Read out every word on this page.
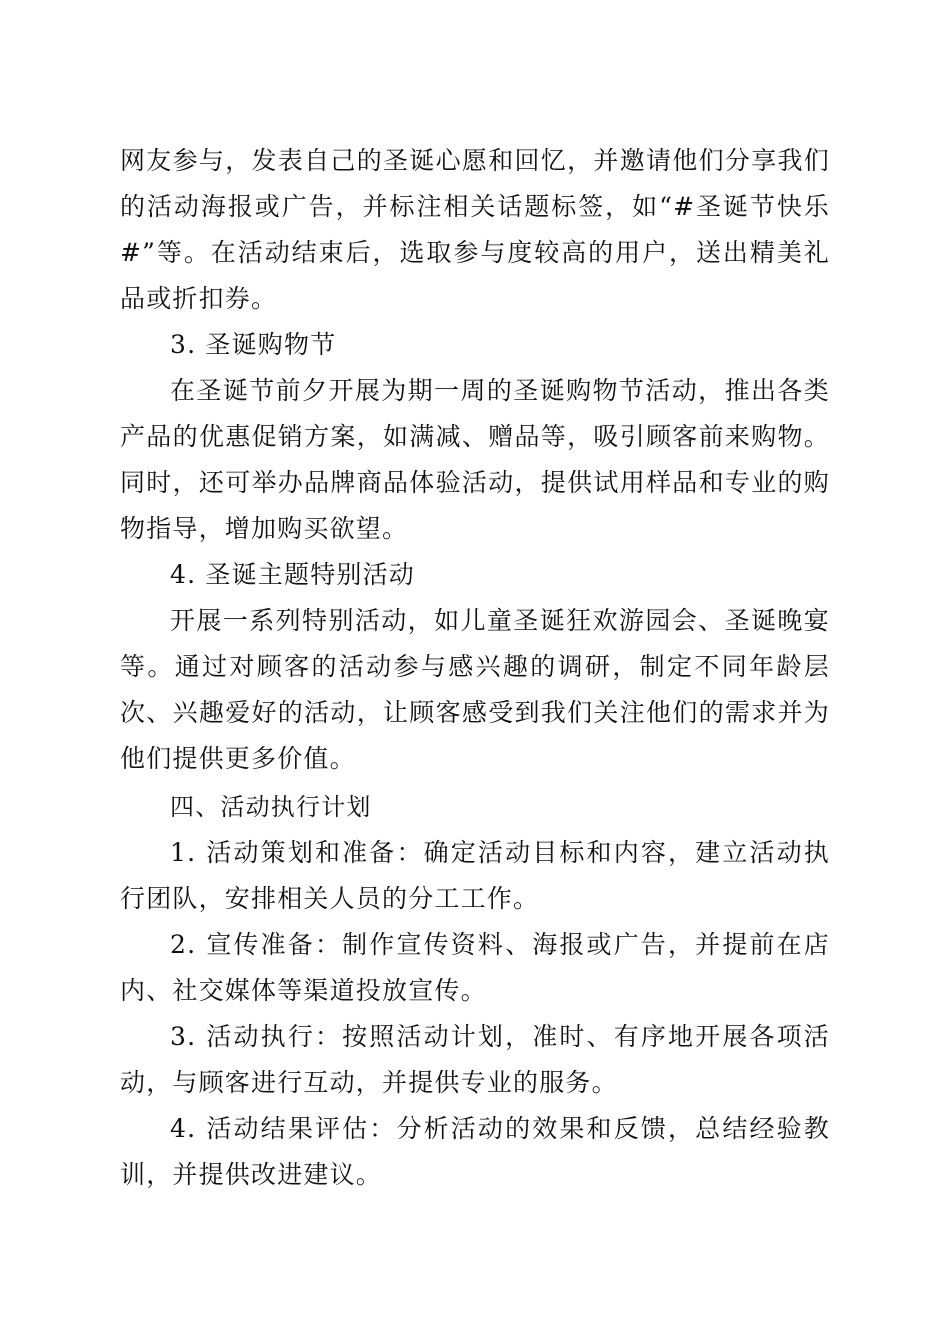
网友参与，发表自己的圣诞心愿和回忆，并邀请他们分享我们的活动海报或广告，并标注相关话题标签，如“#圣诞节快乐#”等。在活动结束后，选取参与度较高的用户，送出精美礼品或折扣券。

3. 圣诞购物节

在圣诞节前夕开展为期一周的圣诞购物节活动，推出各类产品的优惠促销方案，如满减、赠品等，吸引顾客前来购物。同时，还可举办品牌商品体验活动，提供试用样品和专业的购物指导，增加购买欲望。

4. 圣诞主题特别活动

开展一系列特别活动，如儿童圣诞狂欢游园会、圣诞晚宴等。通过对顾客的活动参与感兴趣的调研，制定不同年龄层次、兴趣爱好的活动，让顾客感受到我们关注他们的需求并为他们提供更多价值。

四、活动执行计划

1. 活动策划和准备：确定活动目标和内容，建立活动执行团队，安排相关人员的分工工作。

2. 宣传准备：制作宣传资料、海报或广告，并提前在店内、社交媒体等渠道投放宣传。

3. 活动执行：按照活动计划，准时、有序地开展各项活动，与顾客进行互动，并提供专业的服务。

4. 活动结果评估：分析活动的效果和反馈，总结经验教训，并提供改进建议。
